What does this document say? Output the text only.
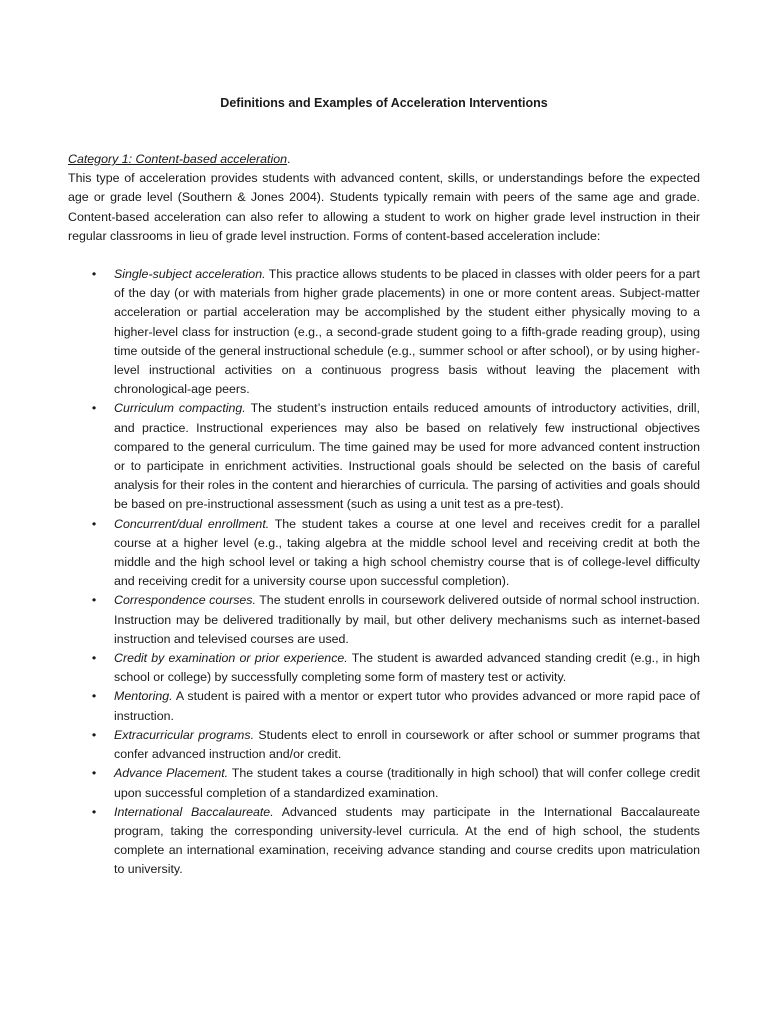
Definitions and Examples of Acceleration Interventions

Category 1: Content-based acceleration.
This type of acceleration provides students with advanced content, skills, or understandings before the expected age or grade level (Southern & Jones 2004). Students typically remain with peers of the same age and grade. Content-based acceleration can also refer to allowing a student to work on higher grade level instruction in their regular classrooms in lieu of grade level instruction. Forms of content-based acceleration include:

•	Single-subject acceleration. This practice allows students to be placed in classes with older peers for a part of the day (or with materials from higher grade placements) in one or more content areas. Subject-matter acceleration or partial acceleration may be accomplished by the student either physically moving to a higher-level class for instruction (e.g., a second-grade student going to a fifth-grade reading group), using time outside of the general instructional schedule (e.g., summer school or after school), or by using higher-level instructional activities on a continuous progress basis without leaving the placement with chronological-age peers.
•	Curriculum compacting. The student’s instruction entails reduced amounts of introductory activities, drill, and practice. Instructional experiences may also be based on relatively few instructional objectives compared to the general curriculum. The time gained may be used for more advanced content instruction or to participate in enrichment activities. Instructional goals should be selected on the basis of careful analysis for their roles in the content and hierarchies of curricula. The parsing of activities and goals should be based on pre-instructional assessment (such as using a unit test as a pre-test).
•	Concurrent/dual enrollment. The student takes a course at one level and receives credit for a parallel course at a higher level (e.g., taking algebra at the middle school level and receiving credit at both the middle and the high school level or taking a high school chemistry course that is of college-level difficulty and receiving credit for a university course upon successful completion).
•	Correspondence courses. The student enrolls in coursework delivered outside of normal school instruction. Instruction may be delivered traditionally by mail, but other delivery mechanisms such as internet-based instruction and televised courses are used.
•	Credit by examination or prior experience. The student is awarded advanced standing credit (e.g., in high school or college) by successfully completing some form of mastery test or activity.
•	Mentoring. A student is paired with a mentor or expert tutor who provides advanced or more rapid pace of instruction.
•	Extracurricular programs. Students elect to enroll in coursework or after school or summer programs that confer advanced instruction and/or credit.
•	Advance Placement. The student takes a course (traditionally in high school) that will confer college credit upon successful completion of a standardized examination.
•	International Baccalaureate. Advanced students may participate in the International Baccalaureate program, taking the corresponding university-level curricula. At the end of high school, the students complete an international examination, receiving advance standing and course credits upon matriculation to university.
